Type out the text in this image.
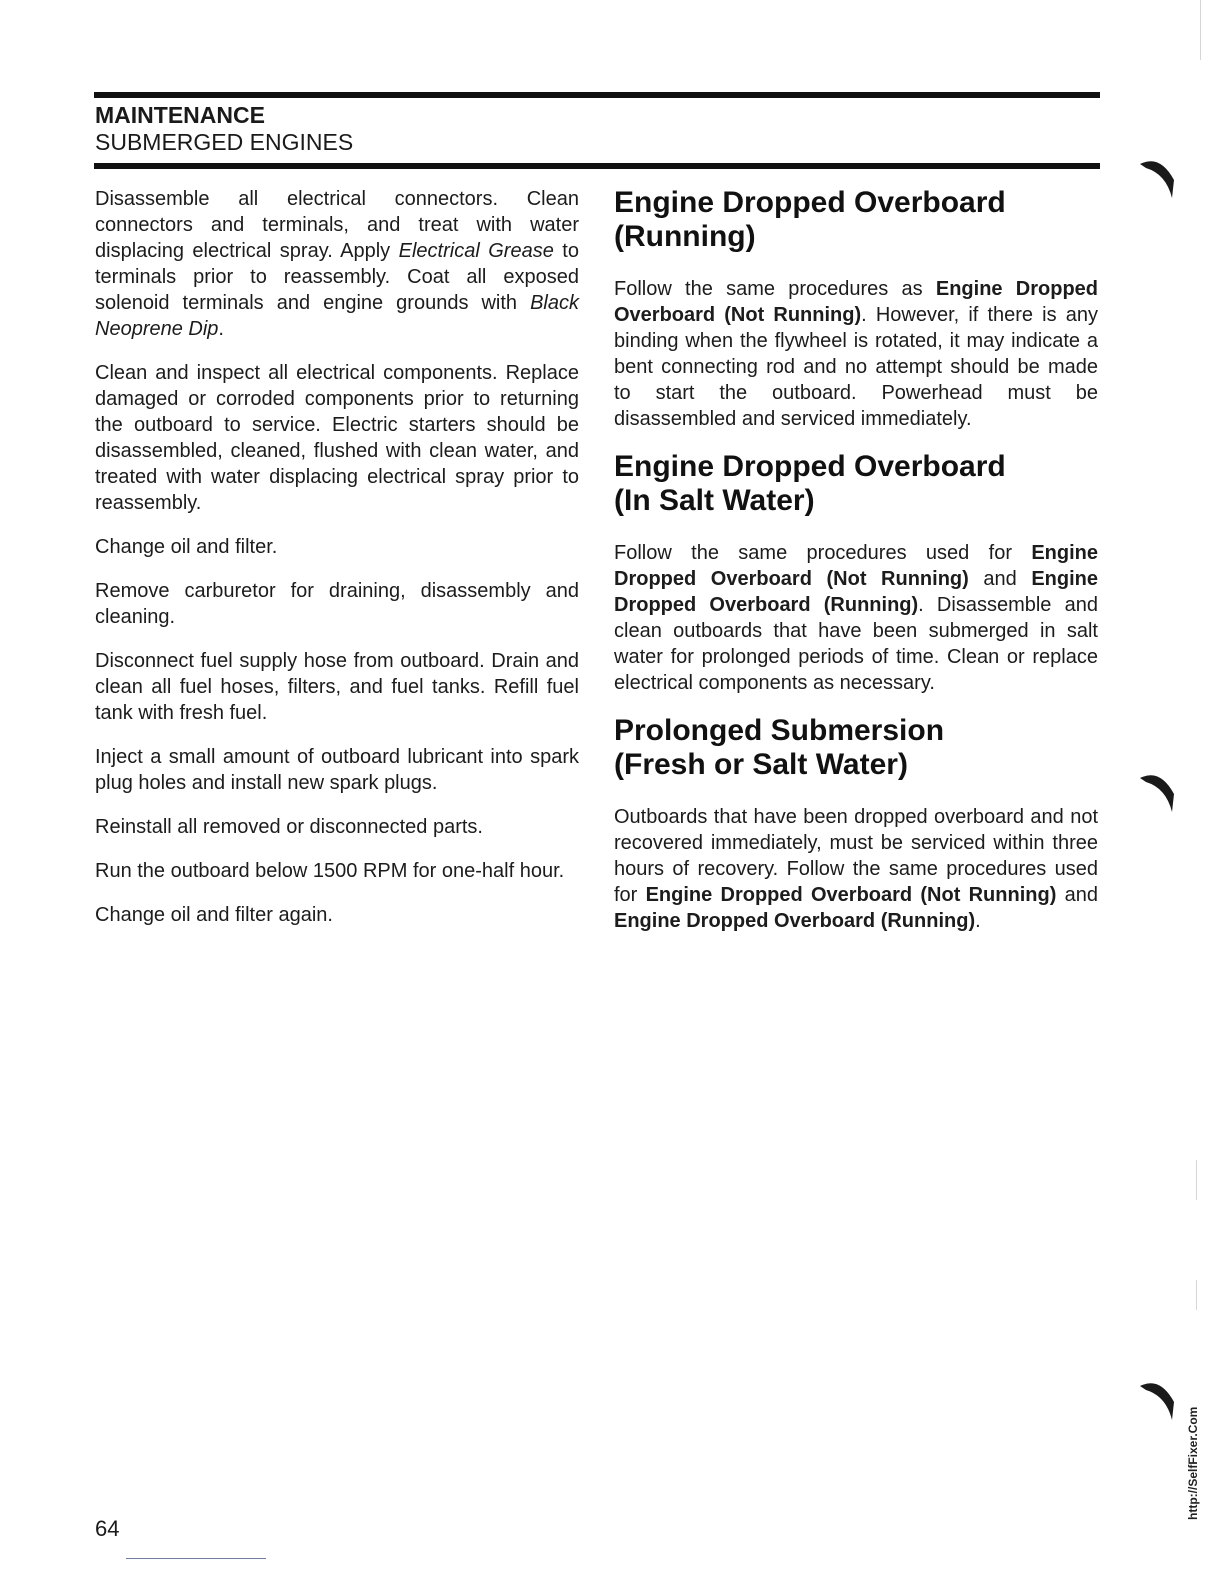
MAINTENANCE

SUBMERGED ENGINES

Disassemble all electrical connectors. Clean connectors and terminals, and treat with water displacing electrical spray. Apply Electrical Grease to terminals prior to reassembly. Coat all exposed solenoid terminals and engine grounds with Black Neoprene Dip.

Clean and inspect all electrical components. Replace damaged or corroded components prior to returning the outboard to service. Electric starters should be disassembled, cleaned, flushed with clean water, and treated with water displacing electrical spray prior to reassembly.

Change oil and filter.

Remove carburetor for draining, disassembly and cleaning.

Disconnect fuel supply hose from outboard. Drain and clean all fuel hoses, filters, and fuel tanks. Refill fuel tank with fresh fuel.

Inject a small amount of outboard lubricant into spark plug holes and install new spark plugs.

Reinstall all removed or disconnected parts.

Run the outboard below 1500 RPM for one-half hour.

Change oil and filter again.

Engine Dropped Overboard
(Running)

Follow the same procedures as Engine Dropped Overboard (Not Running). However, if there is any binding when the flywheel is rotated, it may indicate a bent connecting rod and no attempt should be made to start the outboard. Powerhead must be disassembled and serviced immediately.

Engine Dropped Overboard
(In Salt Water)

Follow the same procedures used for Engine Dropped Overboard (Not Running) and Engine Dropped Overboard (Running). Disassemble and clean outboards that have been submerged in salt water for prolonged periods of time. Clean or replace electrical components as necessary.

Prolonged Submersion
(Fresh or Salt Water)

Outboards that have been dropped overboard and not recovered immediately, must be serviced within three hours of recovery. Follow the same procedures used for Engine Dropped Overboard (Not Running) and Engine Dropped Overboard (Running).

64
http://SelfFixer.Com
